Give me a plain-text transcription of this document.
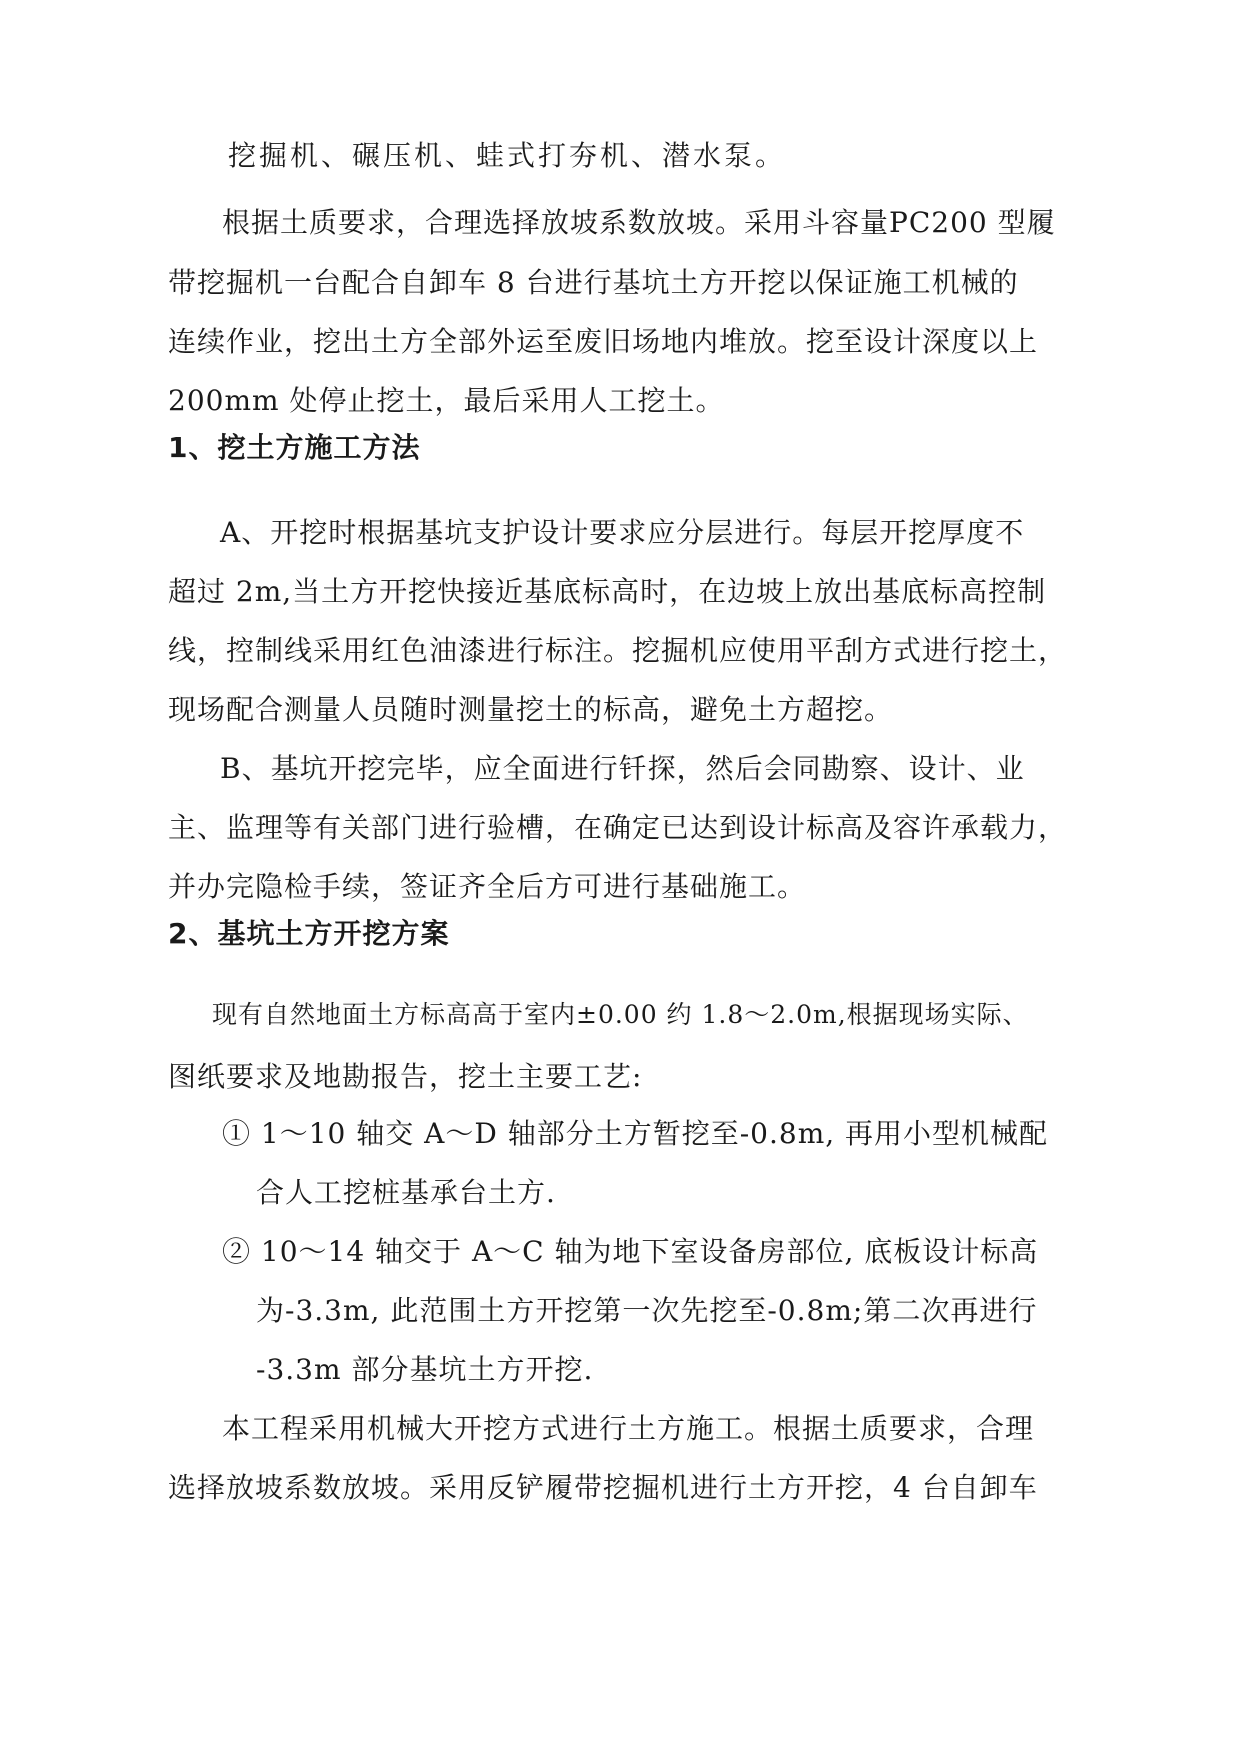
挖掘机、碾压机、蛙式打夯机、潜水泵。
根据土质要求，合理选择放坡系数放坡。采用斗容量PC200 型履
带挖掘机一台配合自卸车 8 台进行基坑土方开挖以保证施工机械的
连续作业，挖出土方全部外运至废旧场地内堆放。挖至设计深度以上
200mm 处停止挖土，最后采用人工挖土。
1、挖土方施工方法
A、开挖时根据基坑支护设计要求应分层进行。每层开挖厚度不
超过 2m,当土方开挖快接近基底标高时，在边坡上放出基底标高控制
线，控制线采用红色油漆进行标注。挖掘机应使用平刮方式进行挖土，
现场配合测量人员随时测量挖土的标高，避免土方超挖。
B、基坑开挖完毕，应全面进行钎探，然后会同勘察、设计、业
主、监理等有关部门进行验槽，在确定已达到设计标高及容许承载力，
并办完隐检手续，签证齐全后方可进行基础施工。
2、基坑土方开挖方案
现有自然地面土方标高高于室内±0.00 约 1.8～2.0m,根据现场实际、
图纸要求及地勘报告，挖土主要工艺:
① 1～10 轴交 A～D 轴部分土方暂挖至-0.8m, 再用小型机械配
合人工挖桩基承台土方.
② 10～14 轴交于 A～C 轴为地下室设备房部位, 底板设计标高
为-3.3m, 此范围土方开挖第一次先挖至-0.8m;第二次再进行
-3.3m 部分基坑土方开挖.
本工程采用机械大开挖方式进行土方施工。根据土质要求，合理
选择放坡系数放坡。采用反铲履带挖掘机进行土方开挖，4 台自卸车
